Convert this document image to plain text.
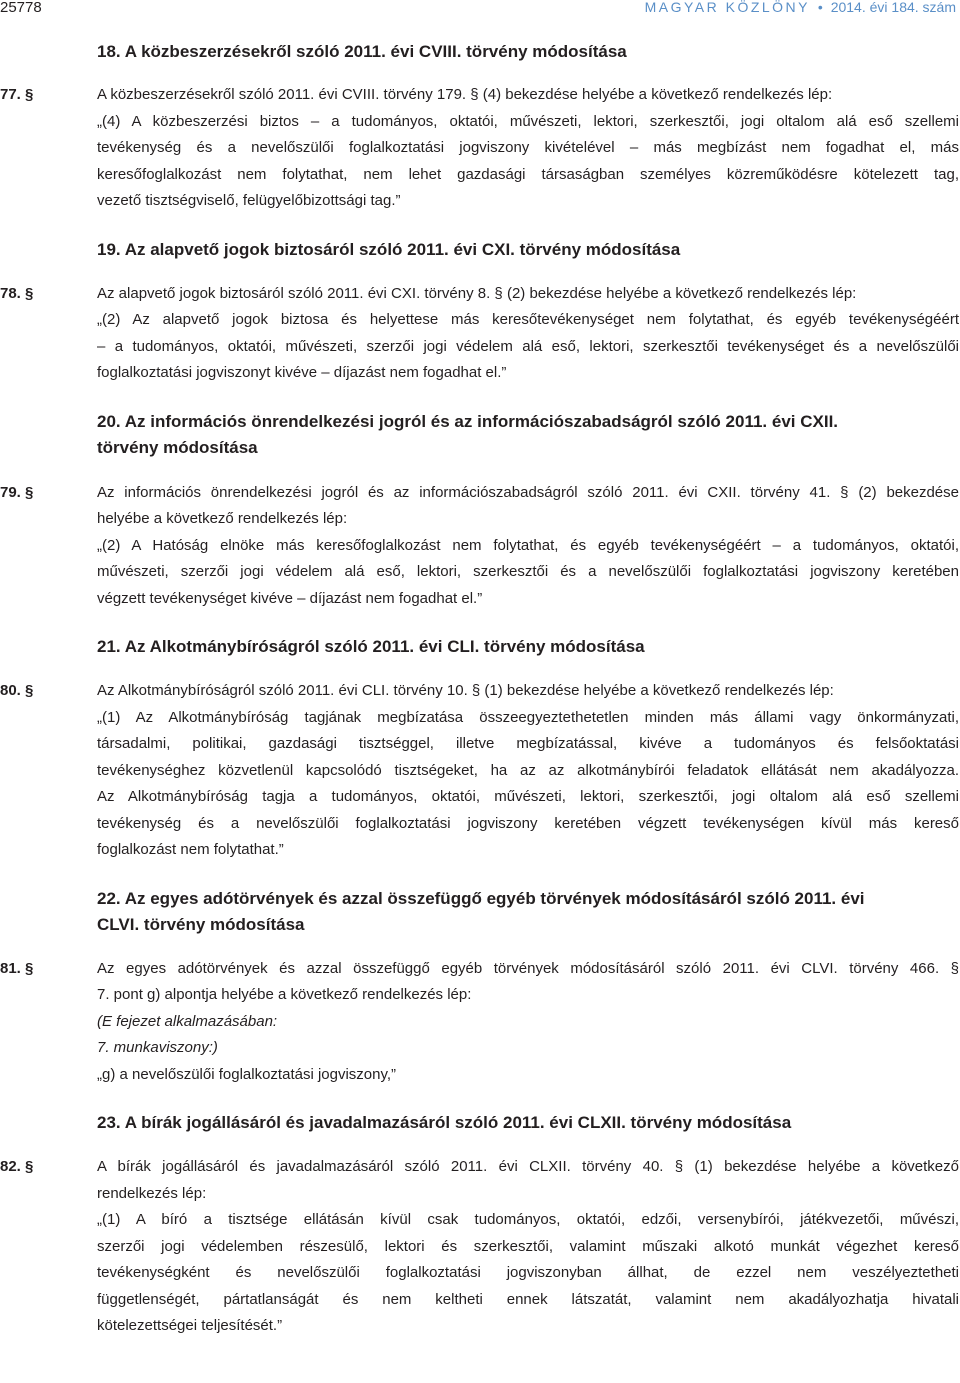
25778	MAGYAR KÖZLÖNY • 2014. évi 184. szám
18. A közbeszerzésekről szóló 2011. évi CVIII. törvény módosítása
77. §	A közbeszerzésekről szóló 2011. évi CVIII. törvény 179. § (4) bekezdése helyébe a következő rendelkezés lép:
„(4) A közbeszerzési biztos – a tudományos, oktatói, művészeti, lektori, szerkesztői, jogi oltalom alá eső szellemi
tevékenység és a nevelőszülői foglalkoztatási jogviszony kivételével – más megbízást nem fogadhat el, más
keresőfoglalkozást nem folytathat, nem lehet gazdasági társaságban személyes közreműködésre kötelezett tag,
vezető tisztségviselő, felügyelőbizottsági tag.”
19. Az alapvető jogok biztosáról szóló 2011. évi CXI. törvény módosítása
78. §	Az alapvető jogok biztosáról szóló 2011. évi CXI. törvény 8. § (2) bekezdése helyébe a következő rendelkezés lép:
„(2) Az alapvető jogok biztosa és helyettese más keresőtevékenységet nem folytathat, és egyéb tevékenységéért
– a tudományos, oktatói, művészeti, szerzői jogi védelem alá eső, lektori, szerkesztői tevékenységet és a nevelőszülői
foglalkoztatási jogviszonyt kivéve – díjazást nem fogadhat el.”
20. Az információs önrendelkezési jogról és az információszabadságról szóló 2011. évi CXII. törvény módosítása
79. §	Az információs önrendelkezési jogról és az információszabadságról szóló 2011. évi CXII. törvény 41. § (2) bekezdése
helyébe a következő rendelkezés lép:
„(2) A Hatóság elnöke más keresőfoglalkozást nem folytathat, és egyéb tevékenységéért – a tudományos, oktatói,
művészeti, szerzői jogi védelem alá eső, lektori, szerkesztői és a nevelőszülői foglalkoztatási jogviszony keretében
végzett tevékenységet kivéve – díjazást nem fogadhat el.”
21. Az Alkotmánybíróságról szóló 2011. évi CLI. törvény módosítása
80. §	Az Alkotmánybíróságról szóló 2011. évi CLI. törvény 10. § (1) bekezdése helyébe a következő rendelkezés lép:
„(1) Az Alkotmánybíróság tagjának megbízatása összeegyeztethetetlen minden más állami vagy önkormányzati,
társadalmi, politikai, gazdasági tisztséggel, illetve megbízatással, kivéve a tudományos és felsőoktatási
tevékenységhez közvetlenül kapcsolódó tisztségeket, ha az az alkotmánybírói feladatok ellátását nem akadályozza.
Az Alkotmánybíróság tagja a tudományos, oktatói, művészeti, lektori, szerkesztői, jogi oltalom alá eső szellemi
tevékenység és a nevelőszülői foglalkoztatási jogviszony keretében végzett tevékenységen kívül más kereső
foglalkozást nem folytathat.”
22. Az egyes adótörvények és azzal összefüggő egyéb törvények módosításáról szóló 2011. évi CLVI. törvény módosítása
81. §	Az egyes adótörvények és azzal összefüggő egyéb törvények módosításáról szóló 2011. évi CLVI. törvény 466. §
7. pont g) alpontja helyébe a következő rendelkezés lép:
(E fejezet alkalmazásában:
7. munkaviszony:)
„g) a nevelőszülői foglalkoztatási jogviszony,”
23. A bírák jogállásáról és javadalmazásáról szóló 2011. évi CLXII. törvény módosítása
82. §	A bírák jogállásáról és javadalmazásáról szóló 2011. évi CLXII. törvény 40. § (1) bekezdése helyébe a következő
rendelkezés lép:
„(1) A bíró a tisztsége ellátásán kívül csak tudományos, oktatói, edzői, versenybírói, játékvezetői, művészi,
szerzői jogi védelemben részesülő, lektori és szerkesztői, valamint műszaki alkotó munkát végezhet kereső
tevékenységként és nevelőszülői foglalkoztatási jogviszonyban állhat, de ezzel nem veszélyeztetheti
függetlenségét, pártatlanságát és nem keltheti ennek látszatát, valamint nem akadályozhatja hivatali
kötelezettségei teljesítését.”
